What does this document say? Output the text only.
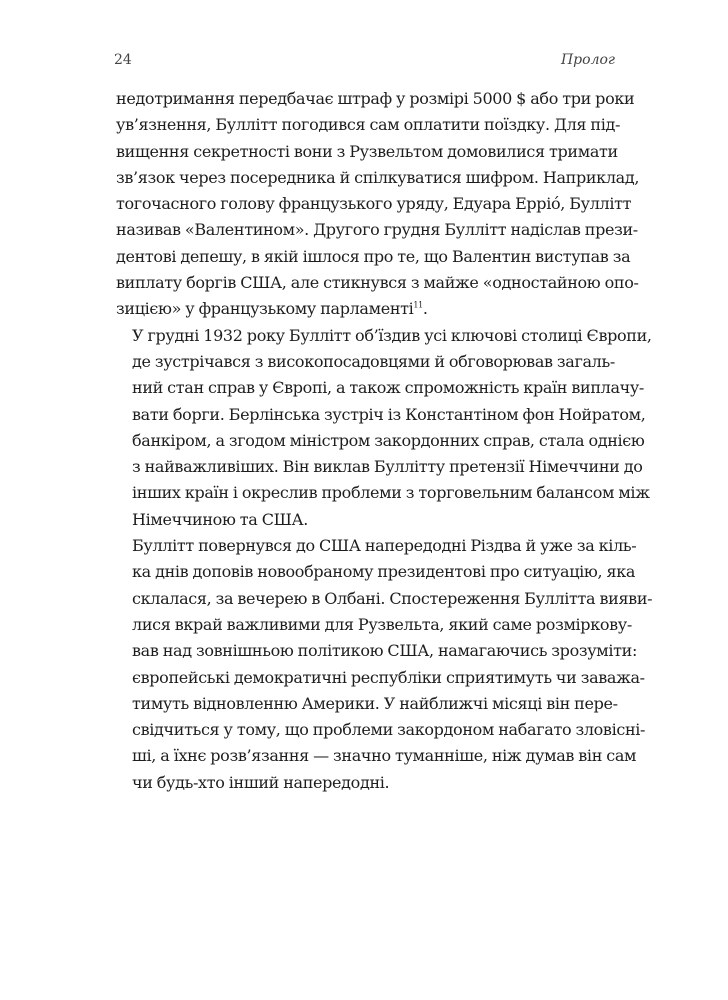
24	Пролог

недотримання передбачає штраф у розмірі 5000 $ або три роки
ув’язнення, Буллітт погодився сам оплатити поїздку. Для під-
вищення секретності вони з Рузвельтом домовилися тримати
зв’язок через посередника й спілкуватися шифром. Наприклад,
тогочасного голову французького уряду, Едуара Ерріó, Буллітт
називав «Валентином». Другого грудня Буллітт надіслав прези-
дентові депешу, в якій ішлося про те, що Валентин виступав за
виплату боргів США, але стикнувся з майже «одностайною опо-
зицією» у французькому парламенті$^{11}$.

У грудні 1932 року Буллітт об’їздив усі ключові столиці Європи,
де зустрічався з високопосадовцями й обговорював загаль-
ний стан справ у Європі, а також спроможність країн виплачу-
вати борги. Берлінська зустріч із Константіном фон Нойратом,
банкіром, а згодом міністром закордонних справ, стала однією
з найважливіших. Він виклав Буллітту претензії Німеччини до
інших країн і окреслив проблеми з торговельним балансом між
Німеччиною та США.

Буллітт повернувся до США напередодні Різдва й уже за кіль-
ка днів доповів новообраному президентові про ситуацію, яка
склалася, за вечерею в Олбані. Спостереження Буллітта вияви-
лися вкрай важливими для Рузвельта, який саме розміркову-
вав над зовнішньою політикою США, намагаючись зрозуміти:
європейські демократичні республіки сприятимуть чи заважа-
тимуть відновленню Америки. У найближчі місяці він пере-
свідчиться у тому, що проблеми закордоном набагато зловісні-
ші, а їхнє розв’язання — значно туманніше, ніж думав він сам
чи будь-хто інший напередодні.
